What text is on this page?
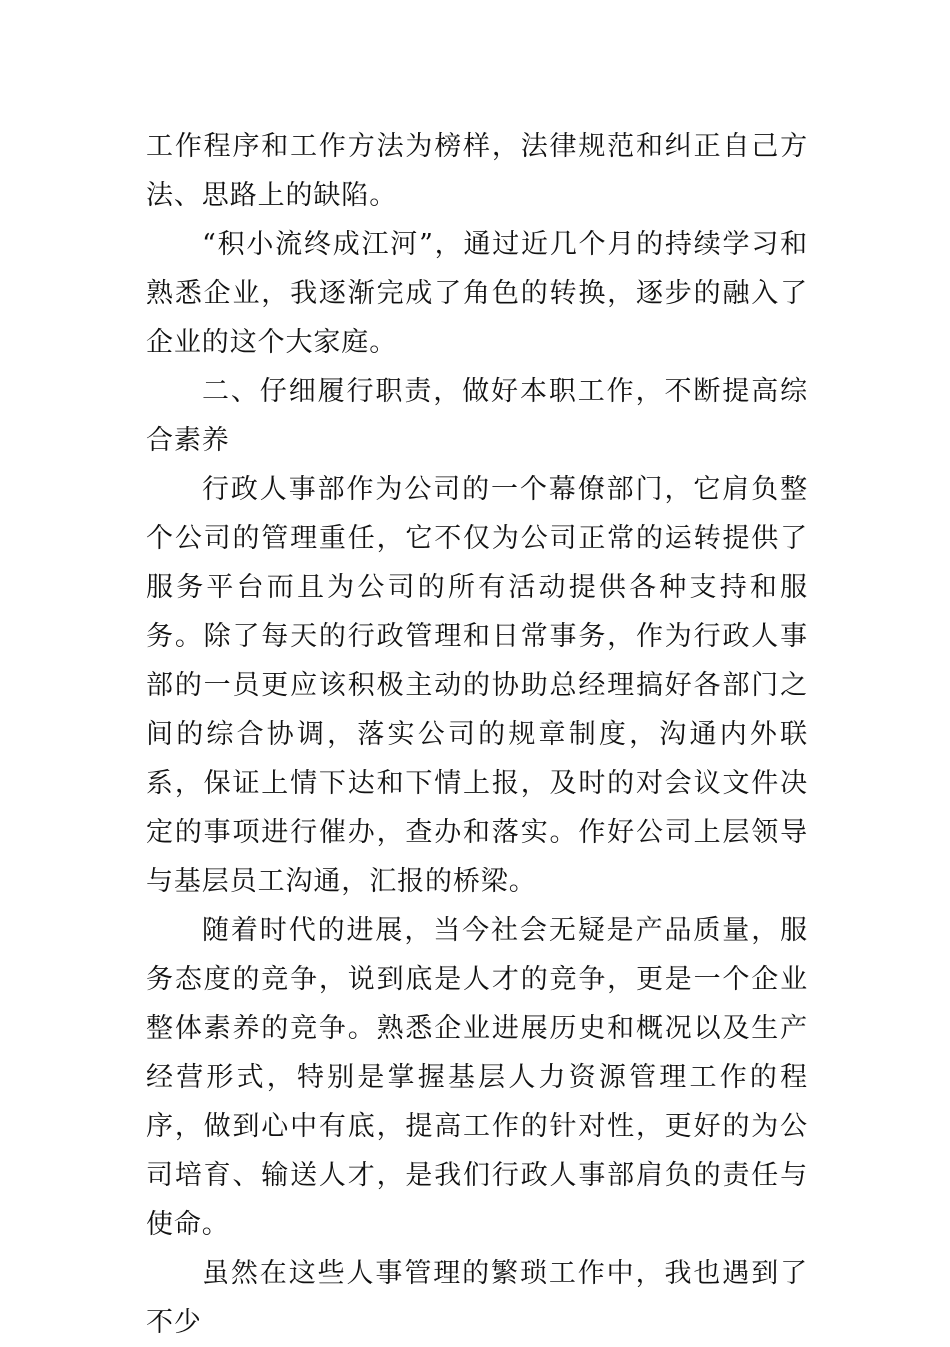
工作程序和工作方法为榜样，法律规范和纠正自己方法、思路上的缺陷。

“积小流终成江河”，通过近几个月的持续学习和熟悉企业，我逐渐完成了角色的转换，逐步的融入了企业的这个大家庭。

二、仔细履行职责，做好本职工作，不断提高综合素养

行政人事部作为公司的一个幕僚部门，它肩负整个公司的管理重任，它不仅为公司正常的运转提供了服务平台而且为公司的所有活动提供各种支持和服务。除了每天的行政管理和日常事务，作为行政人事部的一员更应该积极主动的协助总经理搞好各部门之间的综合协调，落实公司的规章制度，沟通内外联系，保证上情下达和下情上报，及时的对会议文件决定的事项进行催办，查办和落实。作好公司上层领导与基层员工沟通，汇报的桥梁。

随着时代的进展，当今社会无疑是产品质量，服务态度的竞争，说到底是人才的竞争，更是一个企业整体素养的竞争。熟悉企业进展历史和概况以及生产经营形式，特别是掌握基层人力资源管理工作的程序，做到心中有底，提高工作的针对性，更好的为公司培育、输送人才，是我们行政人事部肩负的责任与使命。

虽然在这些人事管理的繁琐工作中，我也遇到了不少
